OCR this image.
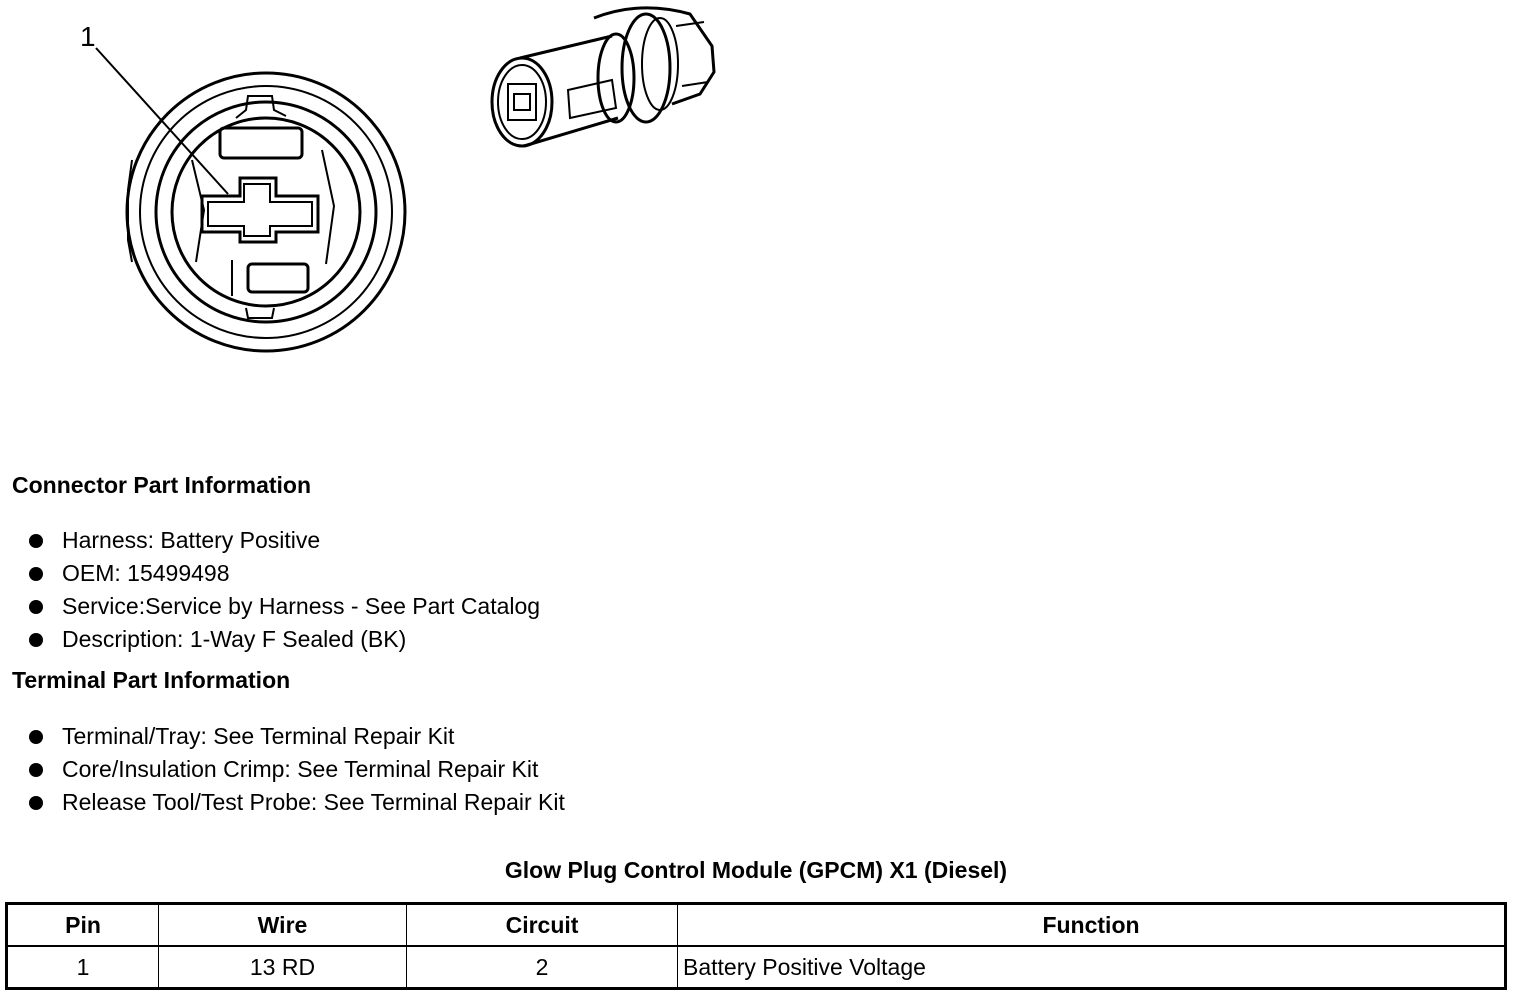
1
Connector Part Information
Harness: Battery Positive
OEM: 15499498
Service:Service by Harness - See Part Catalog
Description: 1-Way F Sealed (BK)
Terminal Part Information
Terminal/Tray: See Terminal Repair Kit
Core/Insulation Crimp: See Terminal Repair Kit
Release Tool/Test Probe: See Terminal Repair Kit
Glow Plug Control Module (GPCM) X1 (Diesel)
Pin	Wire	Circuit	Function
1	13 RD	2	Battery Positive Voltage
